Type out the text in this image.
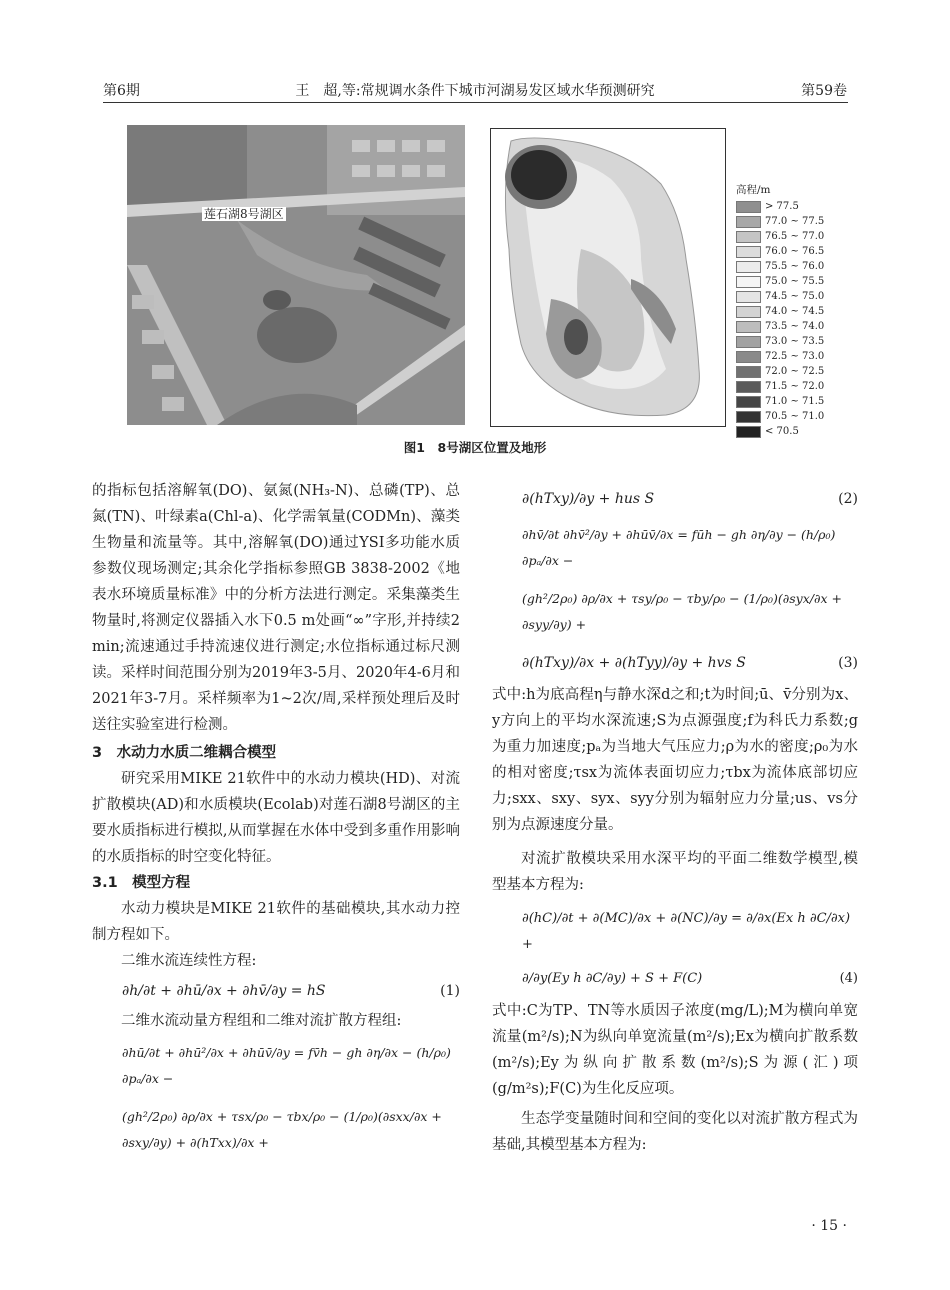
第6期	王　超,等:常规调水条件下城市河湖易发区域水华预测研究	第59卷
莲石湖8号湖区
高程/m
> 77.5
77.0 ~ 77.5
76.5 ~ 77.0
76.0 ~ 76.5
75.5 ~ 76.0
75.0 ~ 75.5
74.5 ~ 75.0
74.0 ~ 74.5
73.5 ~ 74.0
73.0 ~ 73.5
72.5 ~ 73.0
72.0 ~ 72.5
71.5 ~ 72.0
71.0 ~ 71.5
70.5 ~ 71.0
< 70.5
图1　8号湖区位置及地形

的指标包括溶解氧(DO)、氨氮(NH₃-N)、总磷(TP)、总氮(TN)、叶绿素a(Chl-a)、化学需氧量(CODMn)、藻类生物量和流量等。其中,溶解氧(DO)通过YSI多功能水质参数仪现场测定;其余化学指标参照GB 3838-2002《地表水环境质量标准》中的分析方法进行测定。采集藻类生物量时,将测定仪器插入水下0.5 m处画“∞”字形,并持续2 min;流速通过手持流速仪进行测定;水位指标通过标尺测读。采样时间范围分别为2019年3-5月、2020年4-6月和2021年3-7月。采样频率为1~2次/周,采样预处理后及时送往实验室进行检测。

3　水动力水质二维耦合模型

研究采用MIKE 21软件中的水动力模块(HD)、对流扩散模块(AD)和水质模块(Ecolab)对莲石湖8号湖区的主要水质指标进行模拟,从而掌握在水体中受到多重作用影响的水质指标的时空变化特征。

3.1　模型方程

水动力模块是MIKE 21软件的基础模块,其水动力控制方程如下。

二维水流连续性方程:

∂h/∂t + ∂hū/∂x + ∂hv̄/∂y = hS	(1)

二维水流动量方程组和二维对流扩散方程组:

∂hū/∂t + ∂hū²/∂x + ∂hūv̄/∂y = fv̄h − gh ∂η/∂x − (h/ρ₀) ∂pₐ/∂x −
(gh²/2ρ₀) ∂ρ/∂x + τsx/ρ₀ − τbx/ρ₀ − (1/ρ₀)(∂sxx/∂x + ∂sxy/∂y) + ∂(hTxx)/∂x +
∂(hTxy)/∂y + hus S	(2)
∂hv̄/∂t ∂hv̄²/∂y + ∂hūv̄/∂x = fūh − gh ∂η/∂y − (h/ρ₀) ∂pₐ/∂x −
(gh²/2ρ₀) ∂ρ/∂x + τsy/ρ₀ − τby/ρ₀ − (1/ρ₀)(∂syx/∂x + ∂syy/∂y) +
∂(hTxy)/∂x + ∂(hTyy)/∂y + hvs S	(3)

式中:h为底高程η与静水深d之和;t为时间;ū、v̄分别为x、y方向上的平均水深流速;S为点源强度;f为科氏力系数;g为重力加速度;pₐ为当地大气压应力;ρ为水的密度;ρ₀为水的相对密度;τsx为流体表面切应力;τbx为流体底部切应力;sxx、sxy、syx、syy分别为辐射应力分量;us、vs分别为点源速度分量。

对流扩散模块采用水深平均的平面二维数学模型,模型基本方程为:

∂(hC)/∂t + ∂(MC)/∂x + ∂(NC)/∂y = ∂/∂x(Ex h ∂C/∂x) +
∂/∂y(Ey h ∂C/∂y) + S + F(C)	(4)

式中:C为TP、TN等水质因子浓度(mg/L);M为横向单宽流量(m²/s);N为纵向单宽流量(m²/s);Ex为横向扩散系数(m²/s);Ey为纵向扩散系数(m²/s);S为源(汇)项(g/m²s);F(C)为生化反应项。

生态学变量随时间和空间的变化以对流扩散方程式为基础,其模型基本方程为:

· 15 ·
